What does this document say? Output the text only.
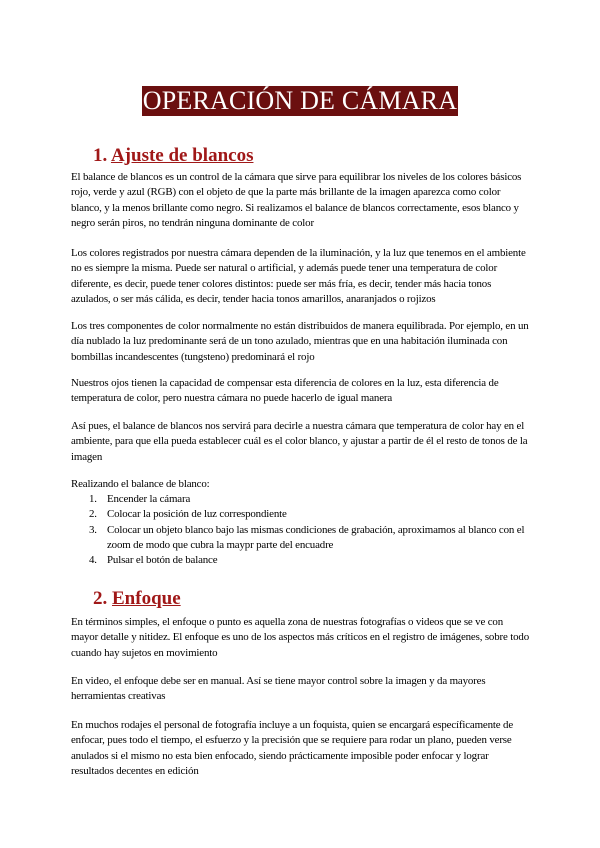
OPERACIÓN DE CÁMARA
1. Ajuste de blancos

El balance de blancos es un control de la cámara que sirve para equilibrar los niveles de los colores básicos rojo, verde y azul (RGB) con el objeto de que la parte más brillante de la imagen aparezca como color blanco, y la menos brillante como negro. Si realizamos el balance de blancos correctamente, esos blanco y negro serán piros, no tendrán ninguna dominante de color

Los colores registrados por nuestra cámara dependen de la iluminación, y la luz que tenemos en el ambiente no es siempre la misma. Puede ser natural o artificial, y además puede tener una temperatura de color diferente, es decir, puede tener colores distintos: puede ser más fría, es decir, tender más hacia tonos azulados, o ser más cálida, es decir, tender hacia tonos amarillos, anaranjados o rojizos

Los tres componentes de color normalmente no están distribuidos de manera equilibrada. Por ejemplo, en un día nublado la luz predominante será de un tono azulado, mientras que en una habitación iluminada con bombillas incandescentes (tungsteno) predominará el rojo

Nuestros ojos tienen la capacidad de compensar esta diferencia de colores en la luz, esta diferencia de temperatura de color, pero nuestra cámara no puede hacerlo de igual manera

Así pues, el balance de blancos nos servirá para decirle a nuestra cámara que temperatura de color hay en el ambiente, para que ella pueda establecer cuál es el color blanco, y ajustar a partir de él el resto de tonos de la imagen

Realizando el balance de blanco:

1. Encender la cámara
2. Colocar la posición de luz correspondiente
3. Colocar un objeto blanco bajo las mismas condiciones de grabación, aproximamos al blanco con el zoom de modo que cubra la maypr parte del encuadre
4. Pulsar el botón de balance
2. Enfoque

En términos simples, el enfoque o punto es aquella zona de nuestras fotografías o videos que se ve con mayor detalle y nitidez. El enfoque es uno de los aspectos más críticos en el registro de imágenes, sobre todo cuando hay sujetos en movimiento

En video, el enfoque debe ser en manual. Así se tiene mayor control sobre la imagen y da mayores herramientas creativas

En muchos rodajes el personal de fotografía incluye a un foquista, quien se encargará específicamente de enfocar, pues todo el tiempo, el esfuerzo y la precisión que se requiere para rodar un plano, pueden verse anulados si el mismo no esta bien enfocado, siendo prácticamente imposible poder enfocar y lograr resultados decentes en edición
